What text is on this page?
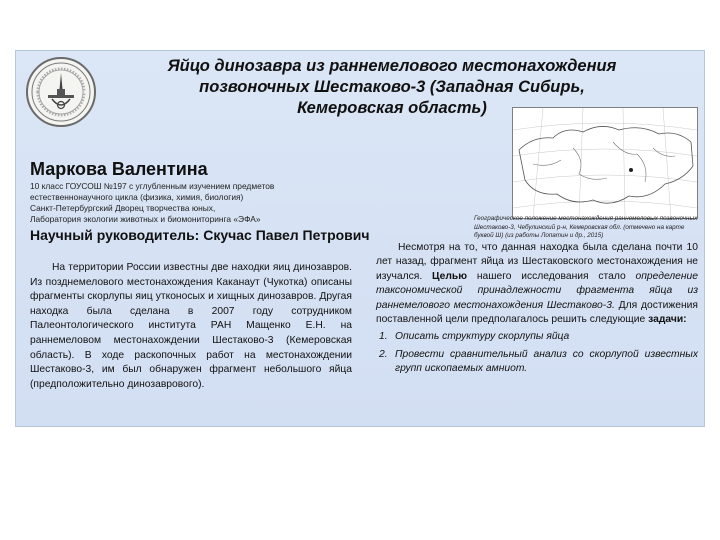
Яйцо динозавра из раннемелового местонахождения
позвоночных Шестаково-3 (Западная Сибирь,
Кемеровская область)
Географическое положение местонахождения раннемеловых позвоночных Шестаково-3, Чебулинский р-н, Кемеровская обл. (отмечено на карте буквой Ш) (из работы Лопатин и др., 2015)
Маркова Валентина
10 класс ГОУСОШ №197 с углубленным изучением предметов
естественнонаучного цикла (физика, химия, биология)
Санкт-Петербургский Дворец творчества юных,
Лаборатория экологии животных и биомониторинга «ЭФА»
Научный руководитель: Скучас Павел Петрович
На территории России известны две находки яиц динозавров. Из позднемелового местонахождения Каканаут (Чукотка) описаны фрагменты скорлупы яиц утконосых и хищных динозавров. Другая находка была сделана в 2007 году сотрудником Палеонтологического института РАН Мащенко Е.Н. на раннемеловом местонахождении Шестаково-3 (Кемеровская область). В ходе раскопочных работ на местонахождении Шестаково-3, им был обнаружен фрагмент небольшого яйца (предположительно динозаврового).
Несмотря на то, что данная находка была сделана почти 10 лет назад, фрагмент яйца из Шестаковского местонахождения не изучался. Целью нашего исследования стало определение таксономической принадлежности фрагмента яйца из раннемелового местонахождения Шестаково-3. Для достижения поставленной цели предполагалось решить следующие задачи:
1. Описать структуру скорлупы яйца
2. Провести сравнительный анализ со скорлупой известных групп ископаемых амниот.
